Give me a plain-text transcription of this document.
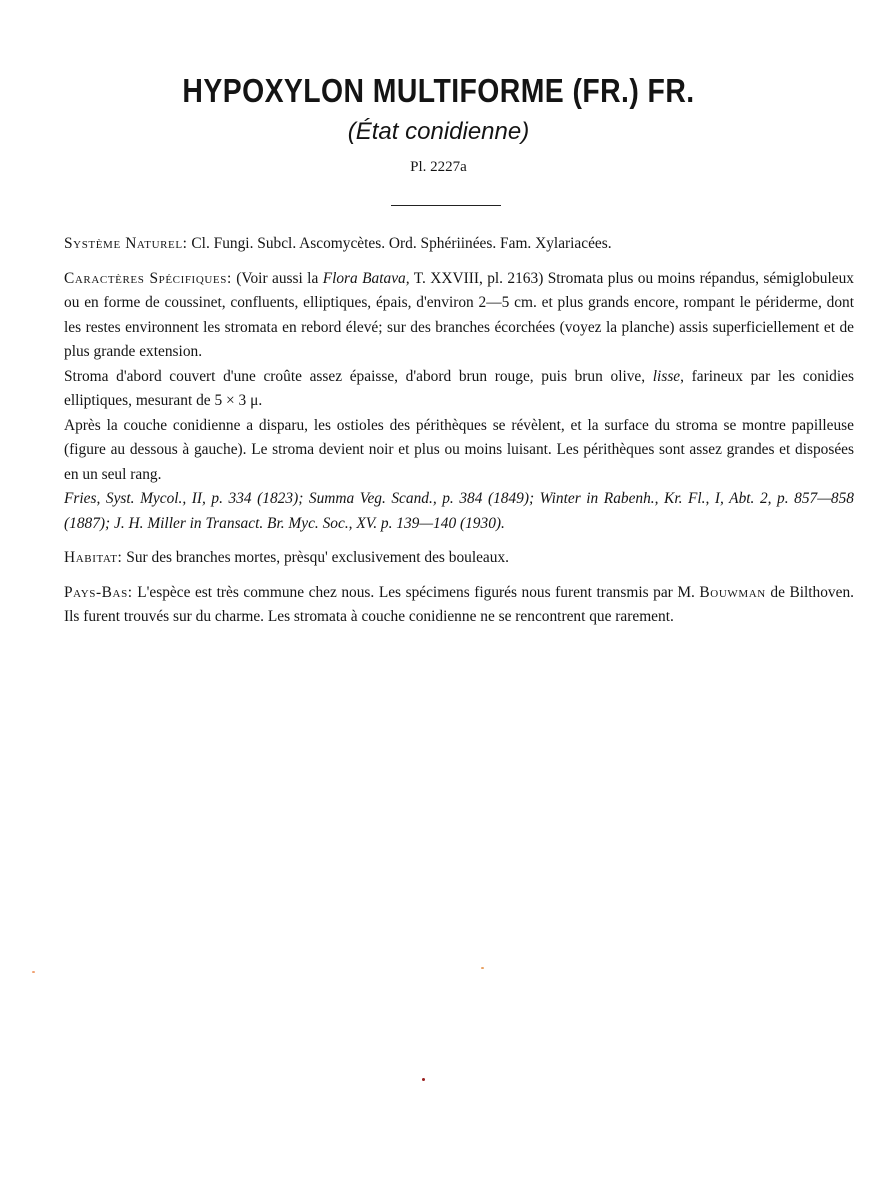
HYPOXYLON MULTIFORME (FR.) FR.
(État conidienne)
Pl. 2227a

Système Naturel: Cl. Fungi. Subcl. Ascomycètes. Ord. Sphériinées. Fam. Xylariacées.

Caractères Spécifiques: (Voir aussi la Flora Batava, T. XXVIII, pl. 2163) Stromata plus ou moins répandus, sémiglobuleux ou en forme de coussinet, confluents, elliptiques, épais, d'environ 2—5 cm. et plus grands encore, rompant le périderme, dont les restes environnent les stromata en rebord élevé; sur des branches écorchées (voyez la planche) assis superficiellement et de plus grande extension.

Stroma d'abord couvert d'une croûte assez épaisse, d'abord brun rouge, puis brun olive, lisse, farineux par les conidies elliptiques, mesurant de 5 × 3 μ.

Après la couche conidienne a disparu, les ostioles des périthèques se révèlent, et la surface du stroma se montre papilleuse (figure au dessous à gauche). Le stroma devient noir et plus ou moins luisant. Les périthèques sont assez grandes et disposées en un seul rang.

Fries, Syst. Mycol., II, p. 334 (1823); Summa Veg. Scand., p. 384 (1849); Winter in Rabenh., Kr. Fl., I, Abt. 2, p. 857—858 (1887); J. H. Miller in Transact. Br. Myc. Soc., XV. p. 139—140 (1930).

Habitat: Sur des branches mortes, prèsqu' exclusivement des bouleaux.

Pays-Bas: L'espèce est très commune chez nous. Les spécimens figurés nous furent transmis par M. Bouwman de Bilthoven. Ils furent trouvés sur du charme. Les stromata à couche conidienne ne se rencontrent que rarement.
